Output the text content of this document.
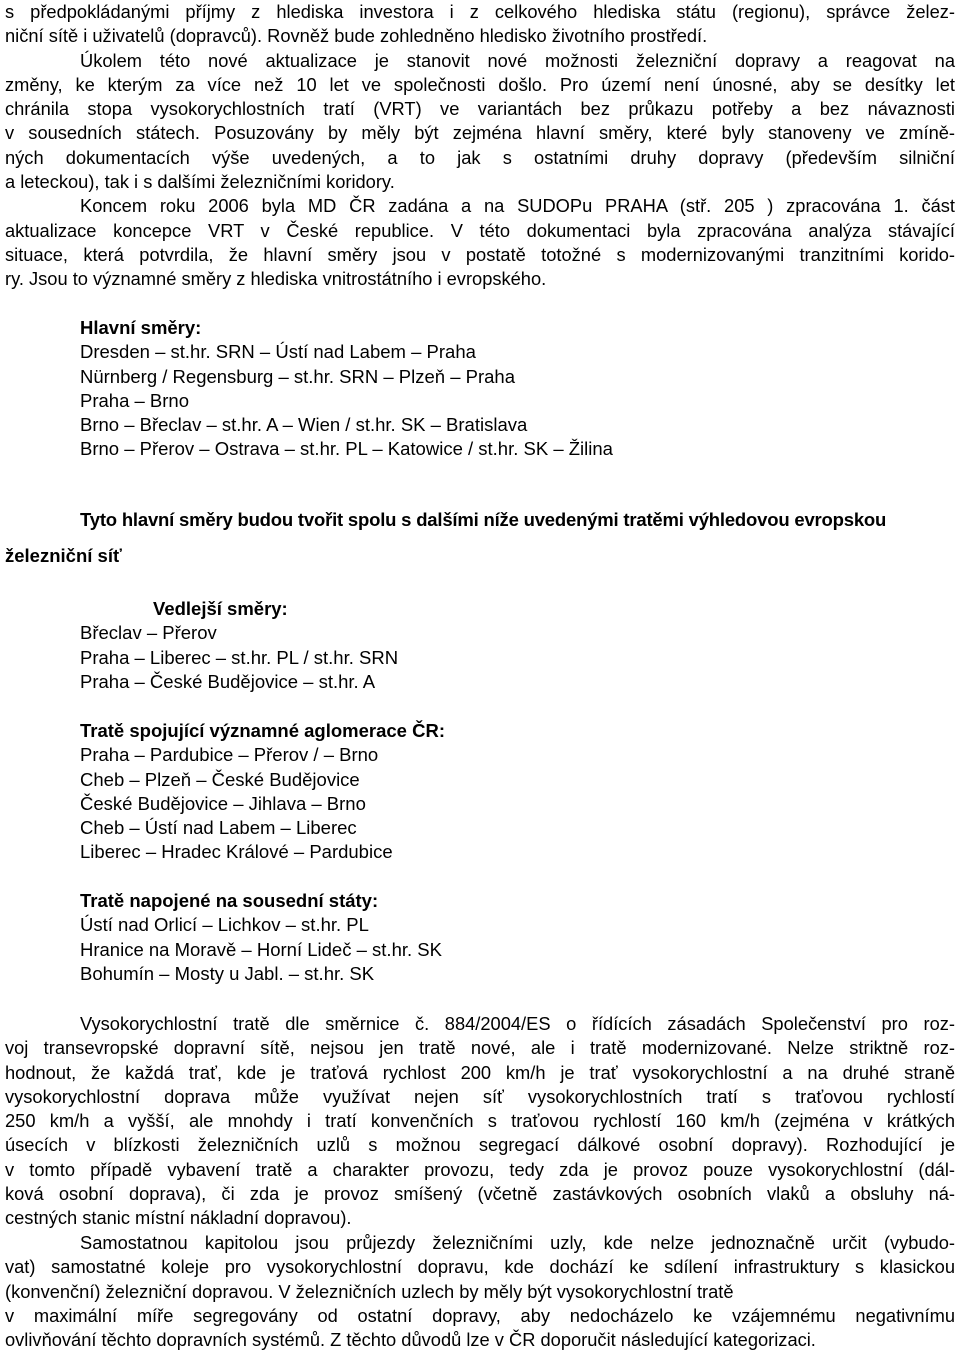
s předpokládanými příjmy z hlediska investora i z celkového hlediska státu (regionu), správce želez-
niční sítě i uživatelů (dopravců). Rovněž bude zohledněno hledisko životního prostředí.
Úkolem této nové aktualizace je stanovit nové možnosti železniční dopravy a reagovat na
změny, ke kterým za více než 10 let ve společnosti došlo. Pro území není únosné, aby se desítky let
chránila stopa vysokorychlostních tratí (VRT) ve variantách bez průkazu potřeby a bez návaznosti
v sousedních státech. Posuzovány by měly být zejména hlavní směry, které byly stanoveny ve zmíně-
ných dokumentacích výše uvedených, a to jak s ostatními druhy dopravy (především silniční
a leteckou), tak i s dalšími železničními koridory.
Koncem roku 2006 byla MD ČR zadána a na SUDOPu PRAHA (stř. 205 ) zpracována 1. část
aktualizace koncepce VRT v České republice. V této dokumentaci byla zpracována analýza stávající
situace, která potvrdila, že hlavní směry jsou v postatě totožné s modernizovanými tranzitními korido-
ry. Jsou to významné směry z hlediska vnitrostátního i evropského.
Hlavní směry:
Dresden – st.hr. SRN – Ústí nad Labem – Praha
Nürnberg / Regensburg – st.hr. SRN – Plzeň – Praha
Praha – Brno
Brno – Břeclav – st.hr. A – Wien / st.hr. SK – Bratislava
Brno – Přerov – Ostrava – st.hr. PL – Katowice / st.hr. SK – Žilina
Tyto hlavní směry budou tvořit spolu s dalšími níže uvedenými tratěmi výhledovou evropskou
železniční síť
Vedlejší směry:
Břeclav – Přerov
Praha – Liberec – st.hr. PL / st.hr. SRN
Praha – České Budějovice – st.hr. A
Tratě spojující významné aglomerace ČR:
Praha – Pardubice – Přerov / – Brno
Cheb – Plzeň – České Budějovice
České Budějovice – Jihlava – Brno
Cheb – Ústí nad Labem – Liberec
Liberec – Hradec Králové – Pardubice
Tratě napojené na sousední státy:
Ústí nad Orlicí – Lichkov – st.hr. PL
Hranice na Moravě – Horní Lideč – st.hr. SK
Bohumín – Mosty u Jabl. – st.hr. SK
Vysokorychlostní tratě dle směrnice č. 884/2004/ES o řídících zásadách Společenství pro roz-
voj transevropské dopravní sítě, nejsou jen tratě nové, ale i tratě modernizované. Nelze striktně roz-
hodnout, že každá trať, kde je traťová rychlost 200 km/h je trať vysokorychlostní a na druhé straně
vysokorychlostní doprava může využívat nejen síť vysokorychlostních tratí s traťovou rychlostí
250 km/h a vyšší, ale mnohdy i tratí konvenčních s traťovou rychlostí 160 km/h (zejména v krátkých
úsecích v blízkosti železničních uzlů s možnou segregací dálkové osobní dopravy). Rozhodující je
v tomto případě vybavení tratě a charakter provozu, tedy zda je provoz pouze vysokorychlostní (dál-
ková osobní doprava), či zda je provoz smíšený (včetně zastávkových osobních vlaků a obsluhy ná-
cestných stanic místní nákladní dopravou).
Samostatnou kapitolou jsou průjezdy železničními uzly, kde nelze jednoznačně určit (vybudo-
vat) samostatné koleje pro vysokorychlostní dopravu, kde dochází ke sdílení infrastruktury s klasickou
(konvenční) železniční dopravou. V železničních uzlech by měly být vysokorychlostní tratě
v maximální míře segregovány od ostatní dopravy, aby nedocházelo ke vzájemnému negativnímu
ovlivňování těchto dopravních systémů. Z těchto důvodů lze v ČR doporučit následující kategorizaci.
